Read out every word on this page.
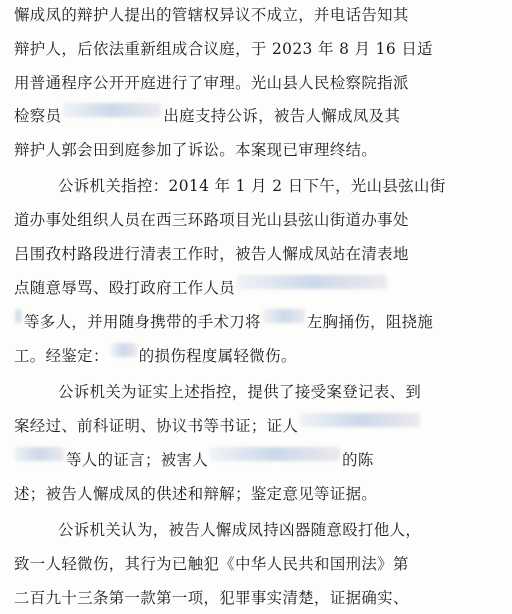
懈成凤的辩护人提出的管辖权异议不成立，并电话告知其
辩护人，后依法重新组成合议庭，于 2023 年 8 月 16 日适
用普通程序公开开庭进行了审理。光山县人民检察院指派
检察员	出庭支持公诉，被告人懈成凤及其
辩护人郭会田到庭参加了诉讼。本案现已审理终结。
公诉机关指控：2014 年 1 月 2 日下午，光山县弦山街
道办事处组织人员在西三环路项目光山县弦山街道办事处
吕围孜村路段进行清表工作时，被告人懈成凤站在清表地
点随意辱骂、殴打政府工作人员
等多人，并用随身携带的手术刀将	左胸捅伤，阻挠施
工。经鉴定： 的损伤程度属轻微伤。
公诉机关为证实上述指控，提供了接受案登记表、到
案经过、前科证明、协议书等书证；证人
等人的证言；被害人	的陈
述；被告人懈成凤的供述和辩解；鉴定意见等证据。
公诉机关认为，被告人懈成凤持凶器随意殴打他人，
致一人轻微伤，其行为已触犯《中华人民共和国刑法》第
二百九十三条第一款第一项，犯罪事实清楚，证据确实、
